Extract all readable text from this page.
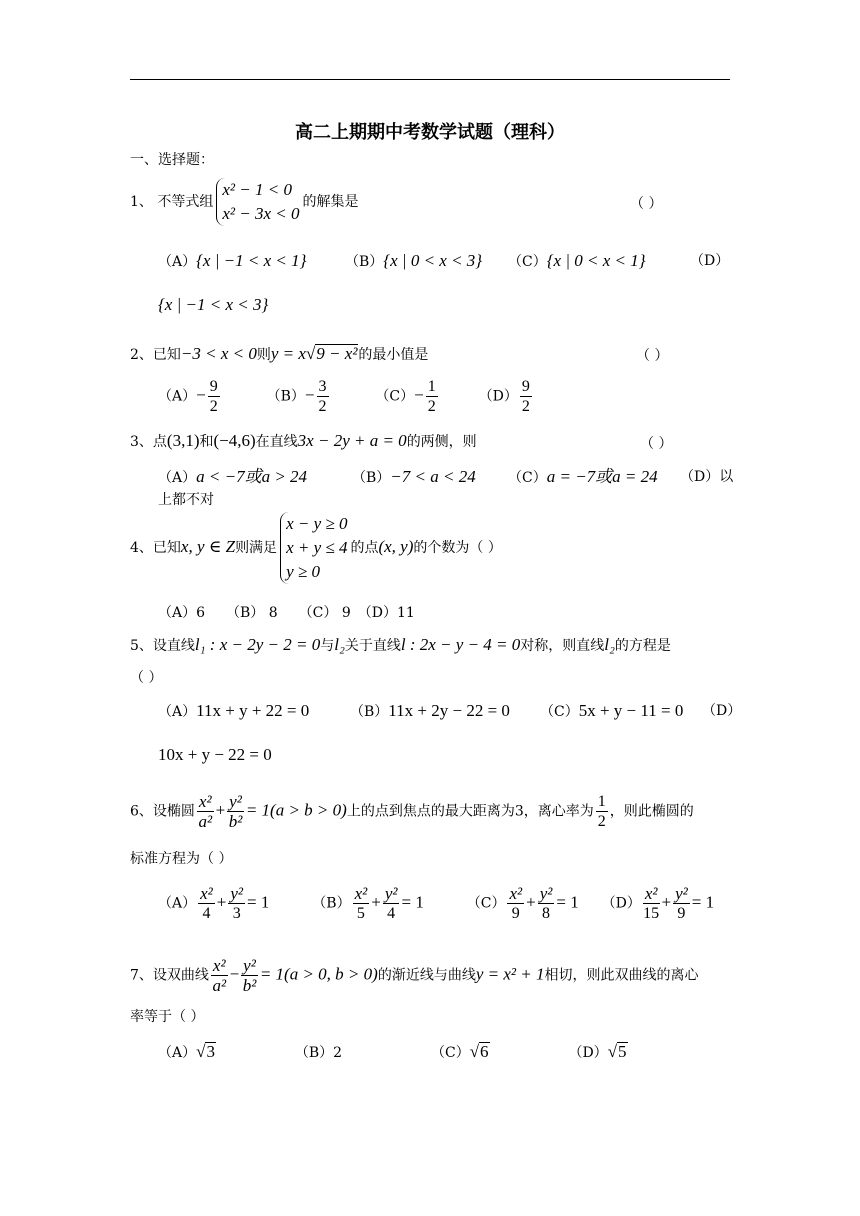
高二上期期中考数学试题（理科）
一、选择题：
1、 不等式组
x² − 1 < 0
x² − 3x < 0
的解集是	（ ）
（A）{x | −1 < x < 1}	（B）{x | 0 < x < 3} （C）{x | 0 < x < 1}	（D）
{x | −1 < x < 3}
2、已知−3 < x < 0则y = x√9 − x²的最小值是	（ ）
$(A)- \frac{9}{2}$	$(B)- \frac{3}{2}$	$(C)- \frac{1}{2}$	$(D) \frac{9}{2}$
3、点(3,1)和(−4,6)在直线3x − 2y + a = 0的两侧，则	（ ）
（A）a < −7或a > 24	（B）−7 < a < 24 （C）a = −7或a = 24 （D）以
上都不对
4、已知x, y ∈ Z则满足
x − y ≥ 0
x + y ≤ 4
y ≥ 0
的点(x, y)的个数为（ ）
（A）6　　（B） 8　　（C） 9　（D）11
5、设直线l₁ : x − 2y − 2 = 0与l₂关于直线l : 2x − y − 4 = 0对称，则直线l₂的方程是
（ ）
（A）11x + y + 22 = 0	（B）11x + 2y − 22 = 0 （C）5x + y − 11 = 0 （D）
10x + y − 22 = 0
6、设椭圆 $\frac{\text{x²}}{\text{a²}} + \frac{\text{y²}}{\text{b²}} = 1(a > b > 0)$上的点到焦点的最大距离为3，离心率为 $\frac{1}{2}$ ，则此椭圆的
标准方程为（ ）
$(A) \frac{\text{x²}}{4} + \frac{\text{y²}}{3} = 1$	$(B) \frac{\text{x²}}{5} + \frac{\text{y²}}{4} = 1$	$(C) \frac{\text{x²}}{9} + \frac{\text{y²}}{8} = 1$ $(D) \frac{\text{x²}}{15} + \frac{\text{y²}}{9} = 1$
7、设双曲线 $\frac{\text{x²}}{\text{a²}} - \frac{\text{y²}}{\text{b²}} = 1(a > 0$, b > 0)的渐近线与曲线y = x² + 1相切，则此双曲线的离心
率等于（ ）
（A）√3	（B）2	（C）√6	（D）√5
